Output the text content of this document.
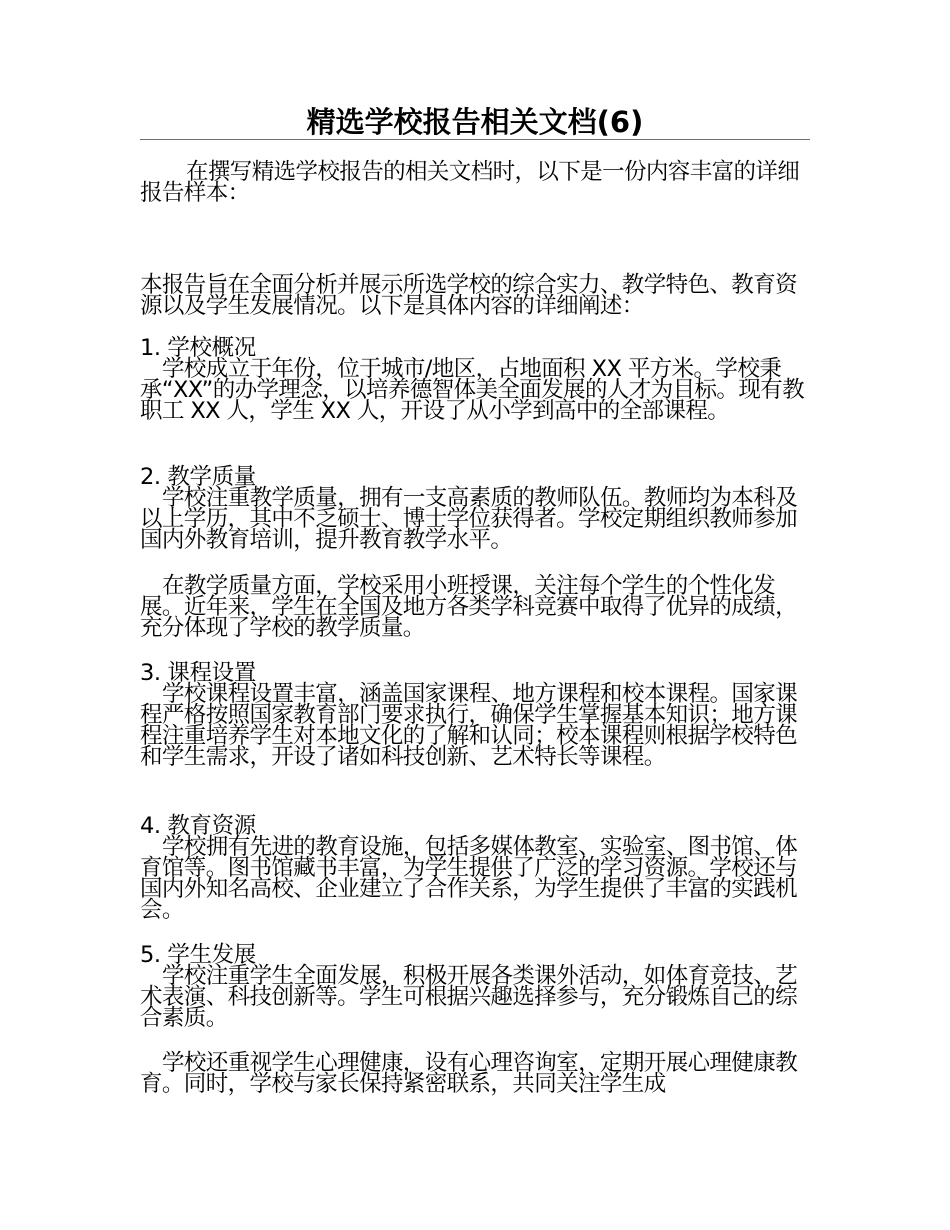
精选学校报告相关文档(6)

在撰写精选学校报告的相关文档时，以下是一份内容丰富的详细报告样本：

本报告旨在全面分析并展示所选学校的综合实力、教学特色、教育资源以及学生发展情况。以下是具体内容的详细阐述：

1. 学校概况

学校成立于年份，位于城市/地区，占地面积 XX 平方米。学校秉承“XX”的办学理念，以培养德智体美全面发展的人才为目标。现有教职工 XX 人，学生 XX 人，开设了从小学到高中的全部课程。

2. 教学质量

学校注重教学质量，拥有一支高素质的教师队伍。教师均为本科及以上学历，其中不乏硕士、博士学位获得者。学校定期组织教师参加国内外教育培训，提升教育教学水平。

在教学质量方面，学校采用小班授课，关注每个学生的个性化发展。近年来，学生在全国及地方各类学科竞赛中取得了优异的成绩，充分体现了学校的教学质量。

3. 课程设置

学校课程设置丰富，涵盖国家课程、地方课程和校本课程。国家课程严格按照国家教育部门要求执行，确保学生掌握基本知识；地方课程注重培养学生对本地文化的了解和认同；校本课程则根据学校特色和学生需求，开设了诸如科技创新、艺术特长等课程。

4. 教育资源

学校拥有先进的教育设施，包括多媒体教室、实验室、图书馆、体育馆等。图书馆藏书丰富，为学生提供了广泛的学习资源。学校还与国内外知名高校、企业建立了合作关系，为学生提供了丰富的实践机会。

5. 学生发展

学校注重学生全面发展，积极开展各类课外活动，如体育竞技、艺术表演、科技创新等。学生可根据兴趣选择参与，充分锻炼自己的综合素质。

学校还重视学生心理健康，设有心理咨询室，定期开展心理健康教育。同时，学校与家长保持紧密联系，共同关注学生成
